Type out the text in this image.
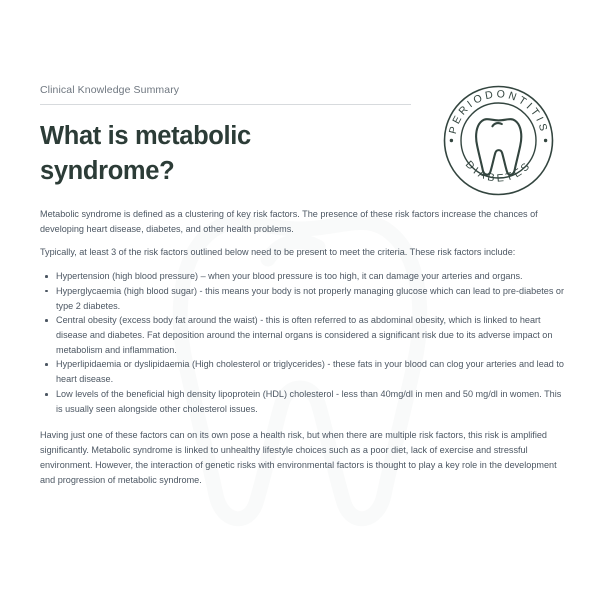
Clinical Knowledge Summary
What is metabolic syndrome?
PERIODONTITIS
DIABETES

Metabolic syndrome is defined as a clustering of key risk factors. The presence of these risk factors increase the chances of developing heart disease, diabetes, and other health problems.

Typically, at least 3 of the risk factors outlined below need to be present to meet the criteria. These risk factors include:

Hypertension (high blood pressure) – when your blood pressure is too high, it can damage your arteries and organs.
Hyperglycaemia (high blood sugar) - this means your body is not properly managing glucose which can lead to pre-diabetes or type 2 diabetes.
Central obesity (excess body fat around the waist) - this is often referred to as abdominal obesity, which is linked to heart disease and diabetes. Fat deposition around the internal organs is considered a significant risk due to its adverse impact on metabolism and inflammation.
Hyperlipidaemia or dyslipidaemia (High cholesterol or triglycerides) - these fats in your blood can clog your arteries and lead to heart disease.
Low levels of the beneficial high density lipoprotein (HDL) cholesterol - less than 40mg/dl in men and 50 mg/dl in women. This is usually seen alongside other cholesterol issues.

Having just one of these factors can on its own pose a health risk, but when there are multiple risk factors, this risk is amplified significantly. Metabolic syndrome is linked to unhealthy lifestyle choices such as a poor diet, lack of exercise and stressful environment. However, the interaction of genetic risks with environmental factors is thought to play a key role in the development and progression of metabolic syndrome.
